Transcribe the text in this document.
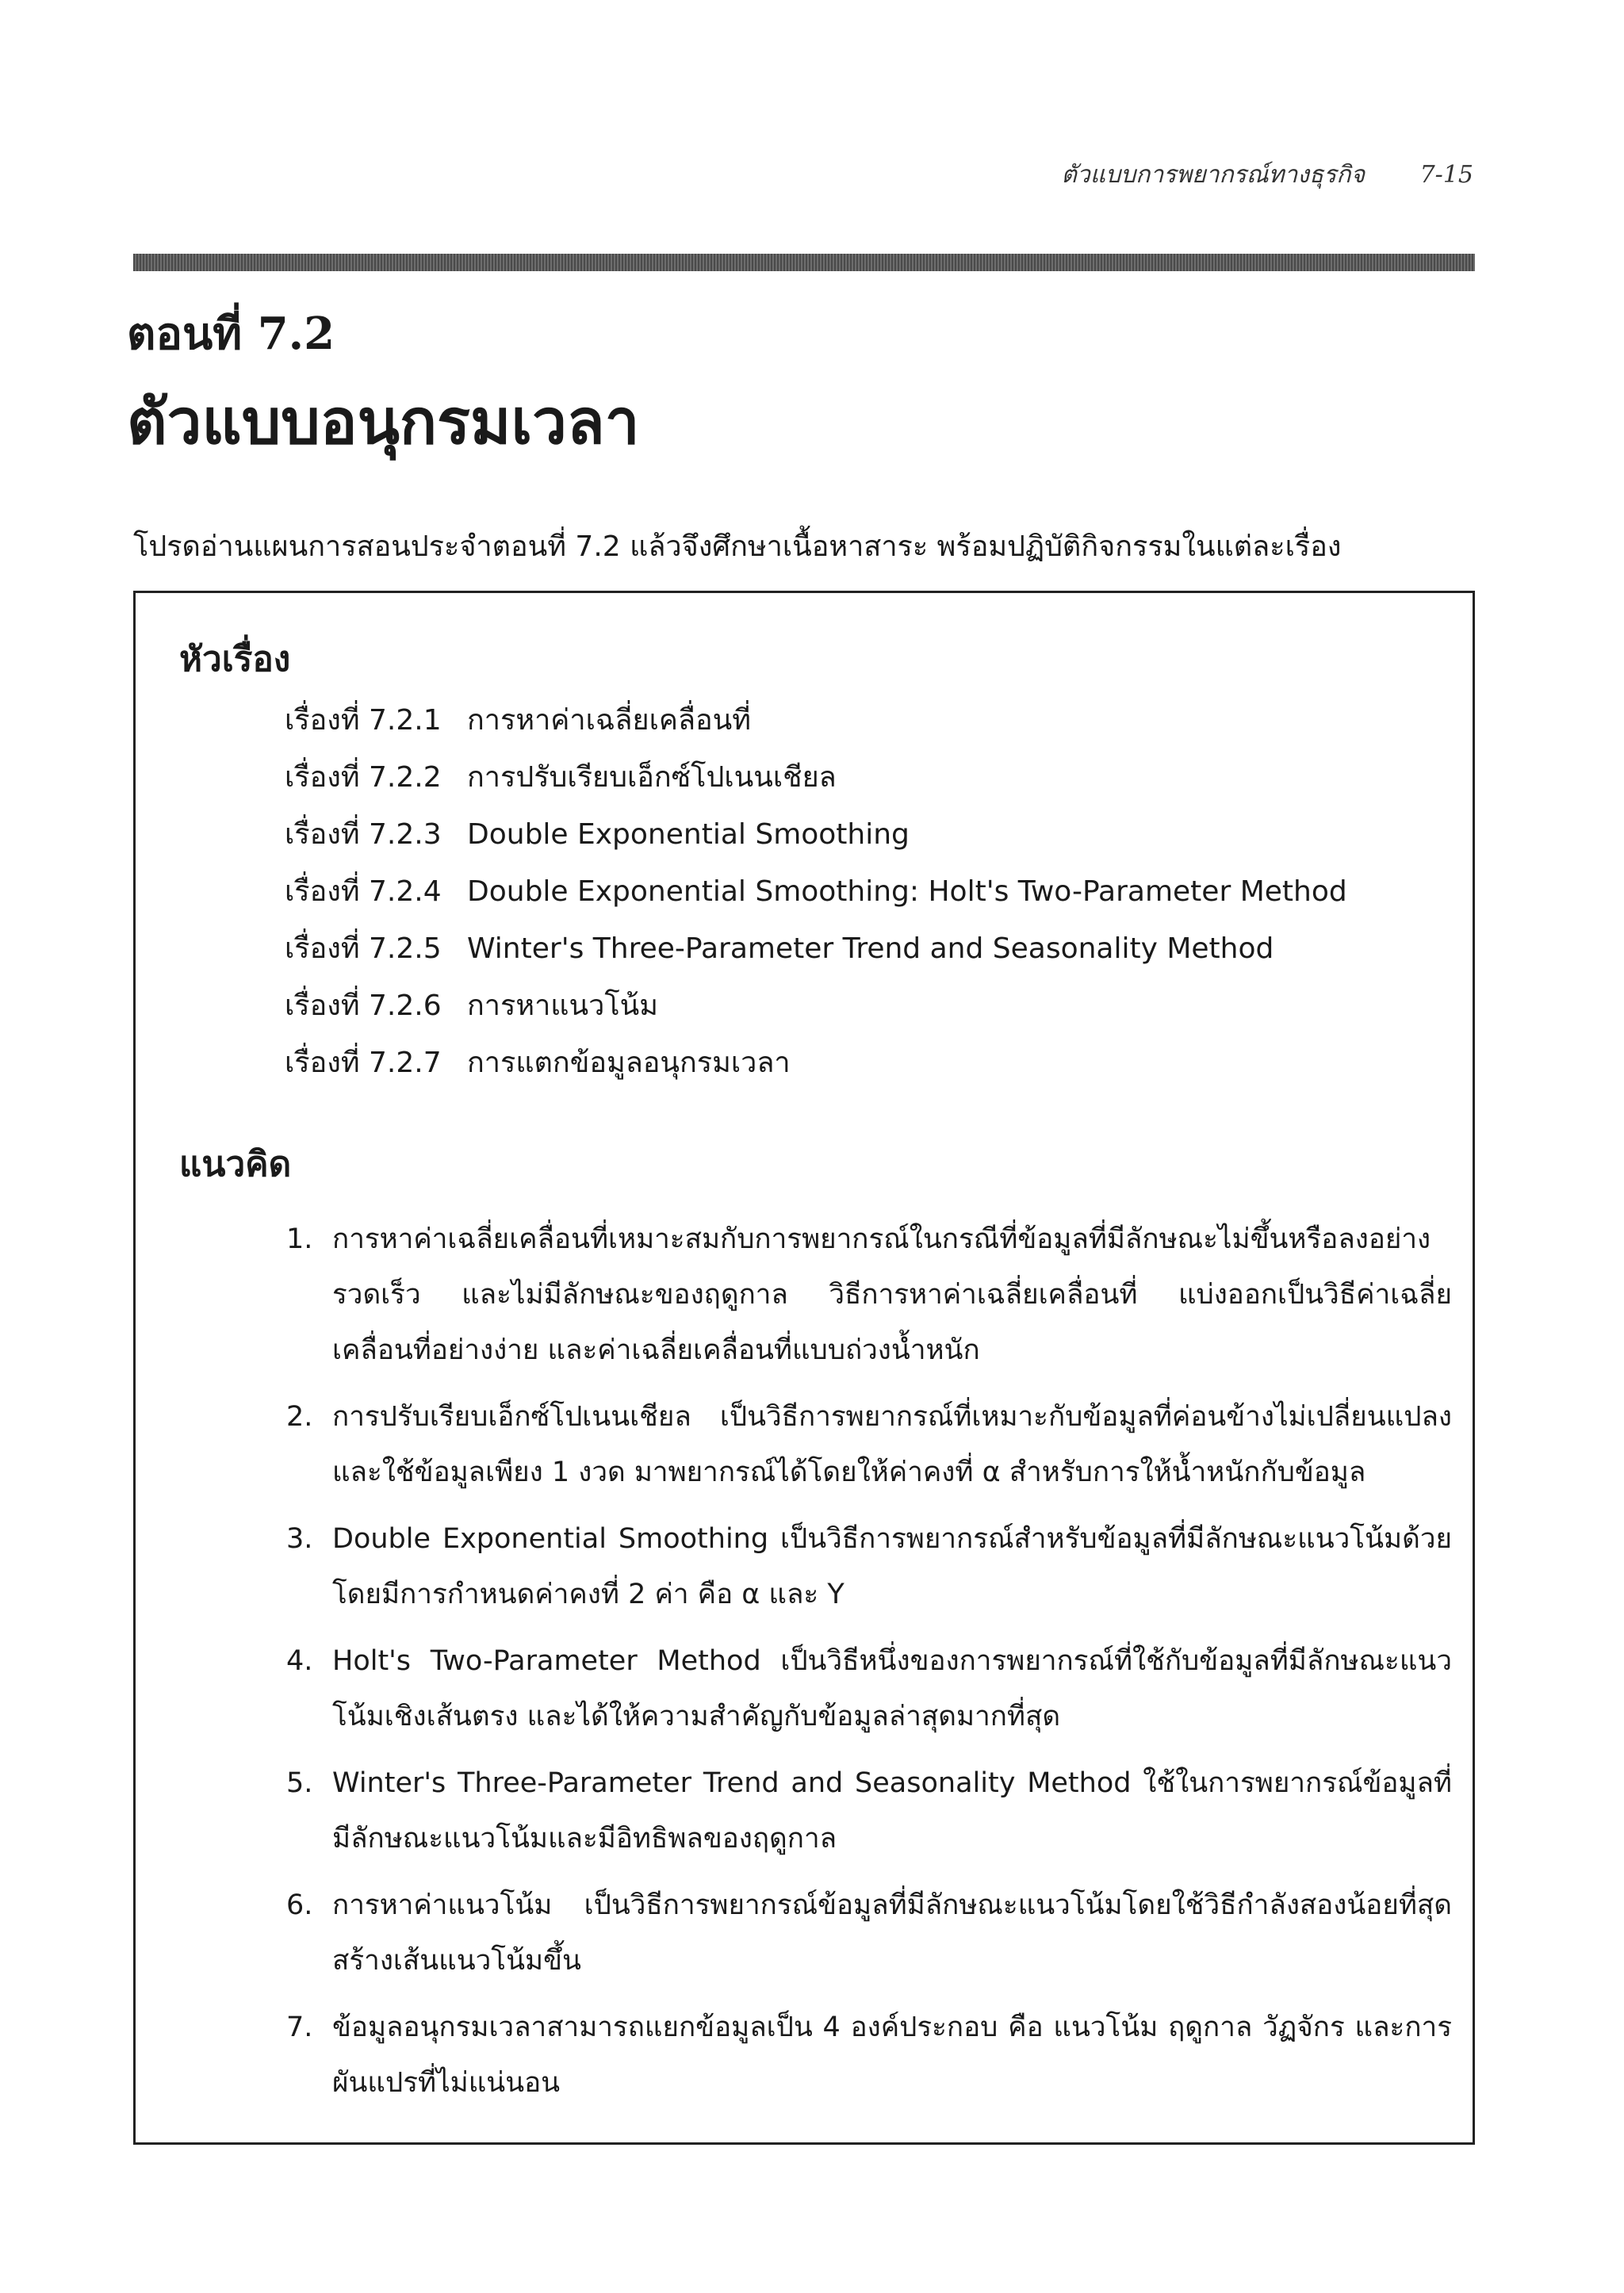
ตัวแบบการพยากรณ์ทางธุรกิจ 7-15
ตอนที่ 7.2
ตัวแบบอนุกรมเวลา
โปรดอ่านแผนการสอนประจำตอนที่ 7.2 แล้วจึงศึกษาเนื้อหาสาระ พร้อมปฏิบัติกิจกรรมในแต่ละเรื่อง
หัวเรื่อง
เรื่องที่ 7.2.1 การหาค่าเฉลี่ยเคลื่อนที่
เรื่องที่ 7.2.2 การปรับเรียบเอ็กซ์โปเนนเชียล
เรื่องที่ 7.2.3 Double Exponential Smoothing
เรื่องที่ 7.2.4 Double Exponential Smoothing: Holt's Two-Parameter Method
เรื่องที่ 7.2.5 Winter's Three-Parameter Trend and Seasonality Method
เรื่องที่ 7.2.6 การหาแนวโน้ม
เรื่องที่ 7.2.7 การแตกข้อมูลอนุกรมเวลา
แนวคิด
1. การหาค่าเฉลี่ยเคลื่อนที่เหมาะสมกับการพยากรณ์ในกรณีที่ข้อมูลที่มีลักษณะไม่ขึ้นหรือลงอย่างรวดเร็ว และไม่มีลักษณะของฤดูกาล วิธีการหาค่าเฉลี่ยเคลื่อนที่ แบ่งออกเป็นวิธีค่าเฉลี่ยเคลื่อนที่อย่างง่าย และค่าเฉลี่ยเคลื่อนที่แบบถ่วงน้ำหนัก
2. การปรับเรียบเอ็กซ์โปเนนเชียล เป็นวิธีการพยากรณ์ที่เหมาะกับข้อมูลที่ค่อนข้างไม่เปลี่ยนแปลง และใช้ข้อมูลเพียง 1 งวด มาพยากรณ์ได้โดยให้ค่าคงที่ α สำหรับการให้น้ำหนักกับข้อมูล
3. Double Exponential Smoothing เป็นวิธีการพยากรณ์สำหรับข้อมูลที่มีลักษณะแนวโน้มด้วย โดยมีการกำหนดค่าคงที่ 2 ค่า คือ α และ Υ
4. Holt's Two-Parameter Method เป็นวิธีหนึ่งของการพยากรณ์ที่ใช้กับข้อมูลที่มีลักษณะแนวโน้มเชิงเส้นตรง และได้ให้ความสำคัญกับข้อมูลล่าสุดมากที่สุด
5. Winter's Three-Parameter Trend and Seasonality Method ใช้ในการพยากรณ์ข้อมูลที่มีลักษณะแนวโน้มและมีอิทธิพลของฤดูกาล
6. การหาค่าแนวโน้ม เป็นวิธีการพยากรณ์ข้อมูลที่มีลักษณะแนวโน้มโดยใช้วิธีกำลังสองน้อยที่สุดสร้างเส้นแนวโน้มขึ้น
7. ข้อมูลอนุกรมเวลาสามารถแยกข้อมูลเป็น 4 องค์ประกอบ คือ แนวโน้ม ฤดูกาล วัฏจักร และการผันแปรที่ไม่แน่นอน
